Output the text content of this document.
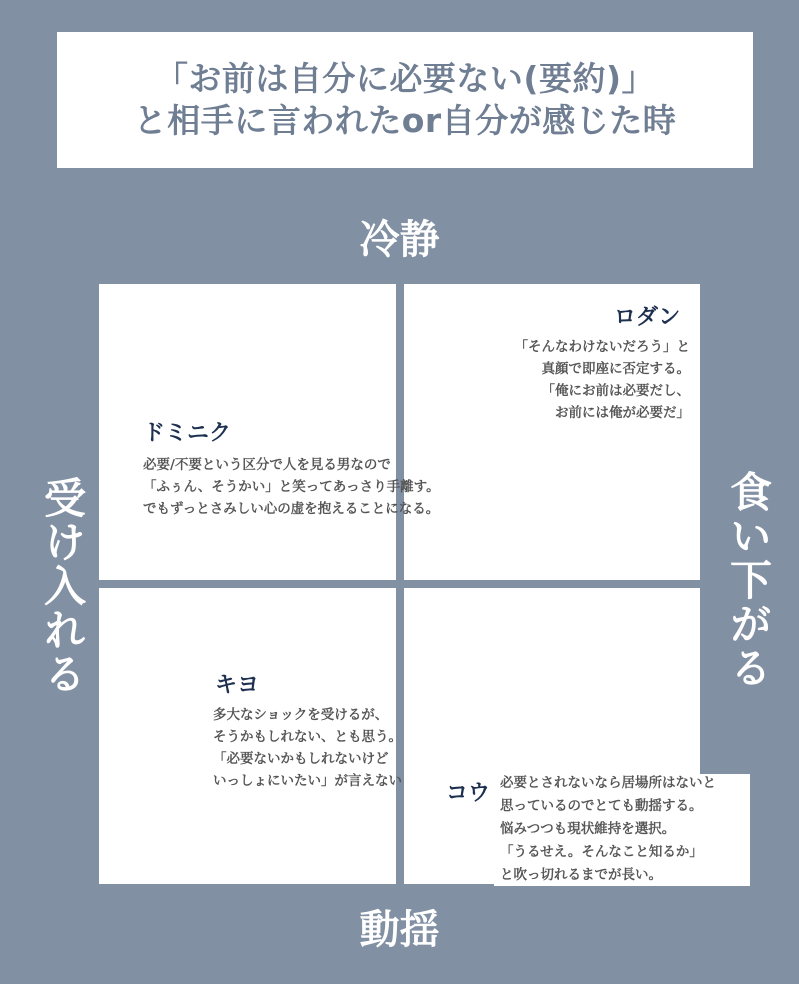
「お前は自分に必要ない(要約)」
と相手に言われたor自分が感じた時
冷静
動揺
受け入れる	食い下がる
ロダン
「そんなわけないだろう」と
真顔で即座に否定する。
「俺にお前は必要だし、
お前には俺が必要だ」
ドミニク
必要/不要という区分で人を見る男なので
「ふぅん、そうかい」と笑ってあっさり手離す。
でもずっとさみしい心の虚を抱えることになる。
キヨ
多大なショックを受けるが、
そうかもしれない、とも思う。
「必要ないかもしれないけど
いっしょにいたい」が言えない コウ 必要とされないなら居場所はないと
思っているのでとても動揺する。
悩みつつも現状維持を選択。
「うるせえ。そんなこと知るか」
と吹っ切れるまでが長い。
